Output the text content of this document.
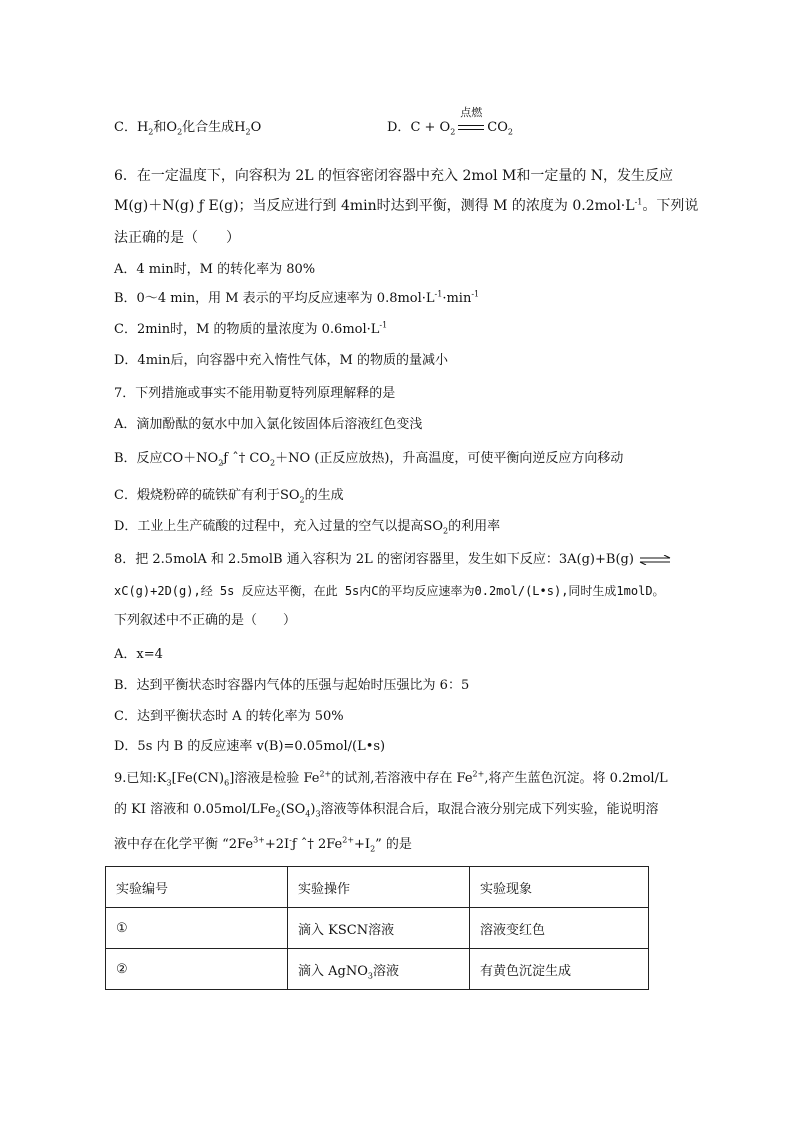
C．$H_2$和$O_2$化合生成$H_2O$	D．$C + O_2$
点燃
$CO_2$
6．在一定温度下，向容积为 2L 的恒容密闭容器中充入 2mol M和一定量的 N，发生反应
M(g)＋N(g) ƒ E(g)；当反应进行到 4min时达到平衡，测得 M 的浓度为 $0.2mol\cdot L^{-1}$。下列说
法正确的是（　　）
A．4 min时，M 的转化率为 80%
B．0～4 min，用 M 表示的平均反应速率为 $0.8mol\cdot L^{-1}\cdot\min^{-1}$
C．2min时，M 的物质的量浓度为 $0.6mol\cdot L^{-1}$
D．4min后，向容器中充入惰性气体，M 的物质的量减小
7．下列措施或事实不能用勒夏特列原理解释的是
A．滴加酚酞的氨水中加入氯化铵固体后溶液红色变浅
B．反应$CO+NO_2ƒ$ ˆ† $CO_2+NO$ (正反应放热)，升高温度，可使平衡向逆反应方向移动
C．煅烧粉碎的硫铁矿有利于$SO_2$的生成
D．工业上生产硫酸的过程中，充入过量的空气以提高$SO_2$的利用率
8．把 2.5molA 和 2.5molB 通入容积为 2L 的密闭容器里，发生如下反应：3A(g)+B(g) ⇌
xC(g)+2D(g),经 5s 反应达平衡，在此 5s内C的平均反应速率为0.2mol/(L•s),同时生成1molD。
下列叙述中不正确的是（　　）
A．x=4
B．达到平衡状态时容器内气体的压强与起始时压强比为 6：5
C．达到平衡状态时 A 的转化率为 50%
D．5s 内 B 的反应速率 v(B)=0.05mol/(L•s)
9.已知$:K_3[Fe(CN)_6]$溶液是检验 $Fe^{2+}$的试剂,若溶液中存在 $Fe^{2+}$,将产生蓝色沉淀。将 0.2mol/L
的 KI 溶液和 $0.05mol/LFe_2(SO_4)_3$溶液等体积混合后，取混合液分别完成下列实验，能说明溶
液中存在化学平衡 “$2Fe^{3+}+2I^-ƒ$ ˆ† $2Fe^{2+}+I_2$” 的是
实验编号	实验操作	实验现象
①	滴入 KSCN溶液	溶液变红色
②	滴入 AgNO$_3$溶液	有黄色沉淀生成
